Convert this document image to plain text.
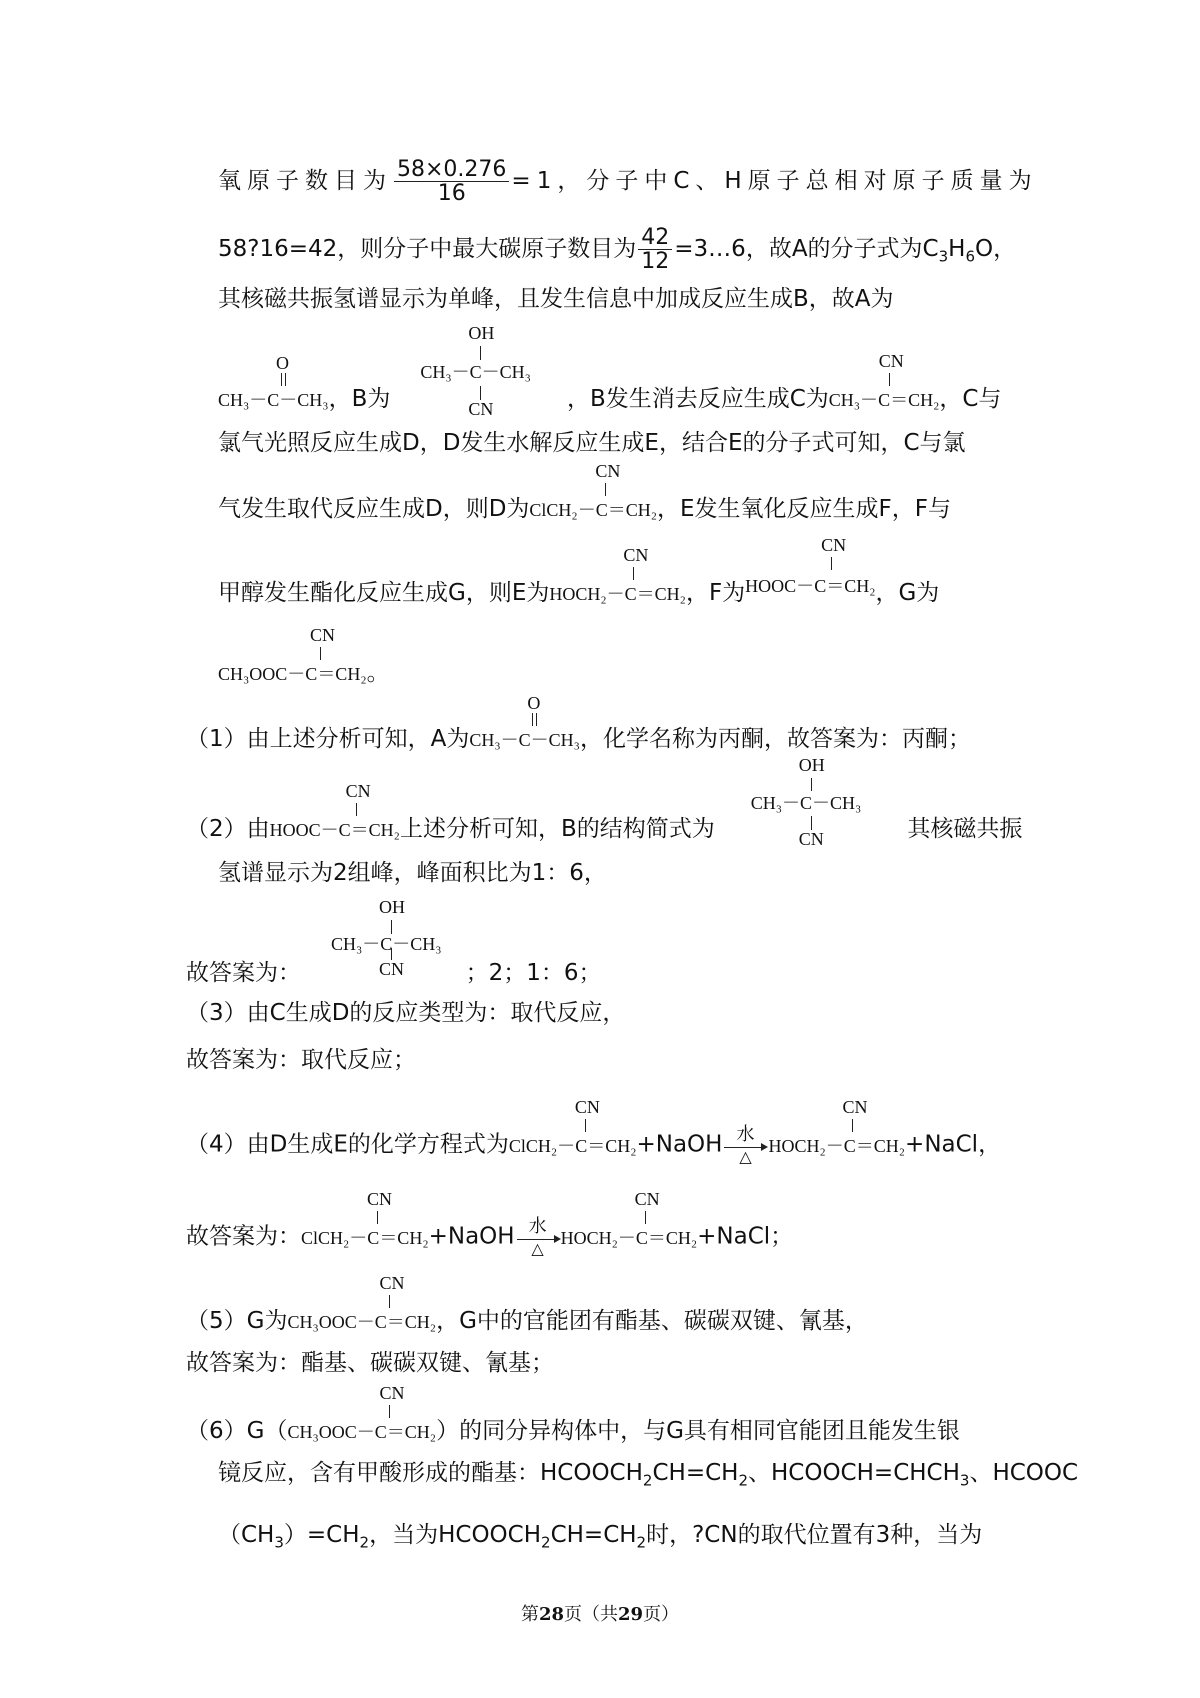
氧原子数目为 $\frac{58\times 0.276}{16} =1$，分子中C、H原子总相对原子质量为
58?16=42，则分子中最大碳原子数目为 $\frac{42}{12}$ =3…6，故A的分子式为$C_3H_6O$，
其核磁共振氢谱显示为单峰，且发生信息中加成反应生成B，故A为
O
CH₃－C－CH₃，B为
OH
CN
$^{CH_3-C-CH_3}$，B发生消去反应生成C为
CN
CH₃－C＝CH₂，C与
氯气光照反应生成D，D发生水解反应生成E，结合E的分子式可知，C与氯
气发生取代反应生成D，则D为
CN
ClCH₂－C＝CH₂，E发生氧化反应生成F，F与
甲醇发生酯化反应生成G，则E为
CN
HOCH₂－C＝CH₂，F为
CN
$^{HOOC-C=CH_2}$，G为
CN
CH₃OOC－C＝CH₂。
（1）由上述分析可知，A为
O
CH₃－C－CH₃，化学名称为丙酮，故答案为：丙酮；
（2）由
CN
HOOC－C＝CH₂上述分析可知，B的结构简式为
OH
CN
$^{CH_3-C-CH_3}$其核磁共振
氢谱显示为2组峰，峰面积比为1：6，
故答案为：
OH
CN
$^{CH_3-C-CH_3}$；2；1：6；
（3）由C生成D的反应类型为：取代反应，
故答案为：取代反应；
（4）由D生成E的化学方程式为
CN
ClCH₂－C＝CH₂+NaOH 水
△
CN
HOCH₂－C＝CH₂+NaCl，
故答案为：
CN
ClCH₂－C＝CH₂+NaOH 水
△
CN
HOCH₂－C＝CH₂+NaCl；
（5）G为
CN
CH₃OOC－C＝CH₂，G中的官能团有酯基、碳碳双键、氰基，
故答案为：酯基、碳碳双键、氰基；
（6）G（
CN
CH₃OOC－C＝CH₂）的同分异构体中，与G具有相同官能团且能发生银
镜反应，含有甲酸形成的酯基：$HCOOCH_2CH=CH_2$、$HCOOCH=CHCH_3$、HCOOC
$(CH_3)=CH_2$，当为$HCOOCH_2CH=CH_2$时，?CN的取代位置有3种，当为
第28页（共29页）
